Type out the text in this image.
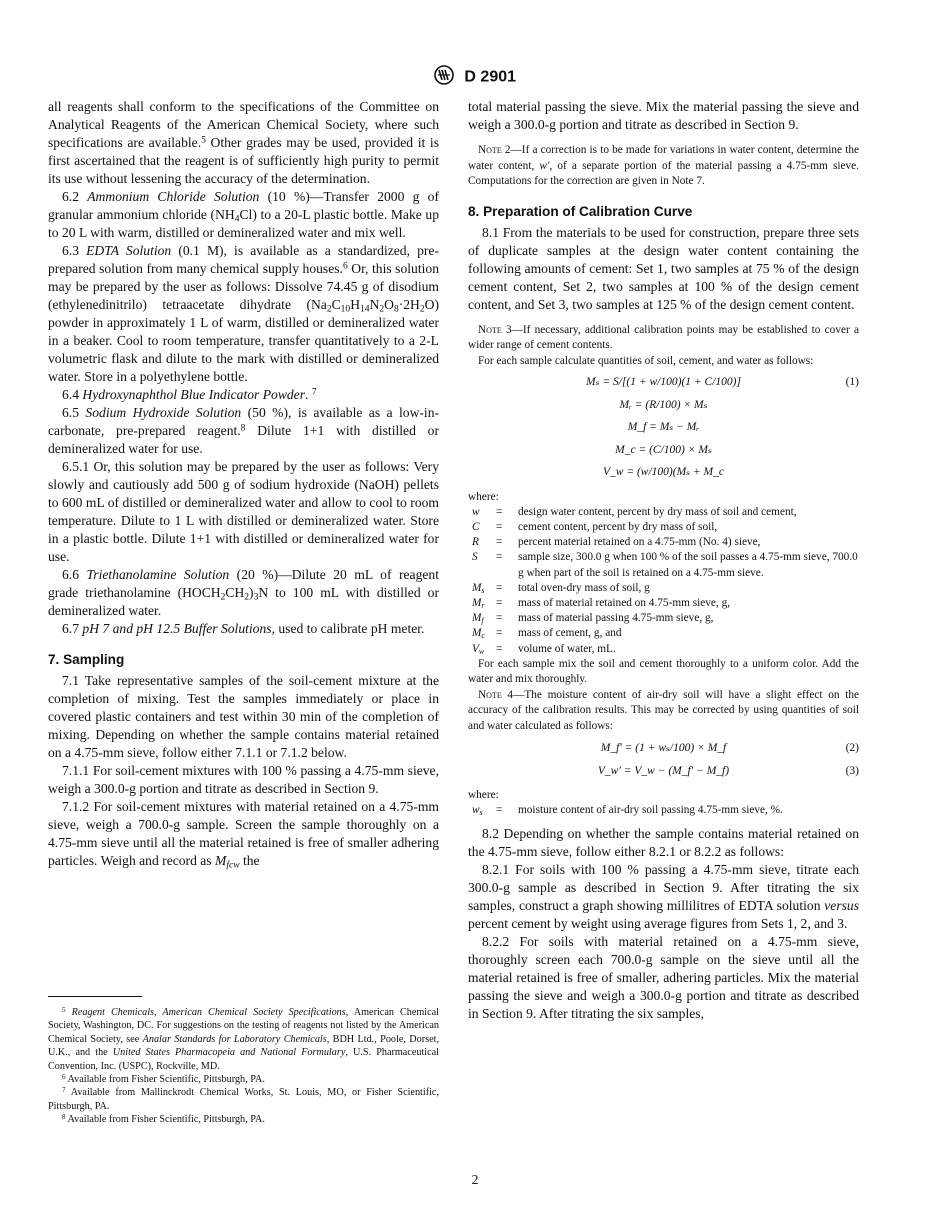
D 2901

all reagents shall conform to the specifications of the Committee on Analytical Reagents of the American Chemical Society, where such specifications are available.$^5$ Other grades may be used, provided it is first ascertained that the reagent is of sufficiently high purity to permit its use without lessening the accuracy of the determination.

6.2 Ammonium Chloride Solution (10 %)—Transfer 2000 g of granular ammonium chloride $(NH_4Cl)$ to a 20-L plastic bottle. Make up to 20 L with warm, distilled or demineralized water and mix well.

6.3 EDTA Solution (0.1 M), is available as a standardized, pre-prepared solution from many chemical supply houses.$^6$ Or, this solution may be prepared by the user as follows: Dissolve 74.45 g of disodium (ethylenedinitrilo) tetraacetate dihydrate $(Na_2C_{10}H_{14}N_2O_8\cdot 2H_2O)$ powder in approximately 1 L of warm, distilled or demineralized water in a beaker. Cool to room temperature, transfer quantitatively to a 2-L volumetric flask and dilute to the mark with distilled or demineralized water. Store in a polyethylene bottle.

6.4 Hydroxynaphthol Blue Indicator Powder. $^7$

6.5 Sodium Hydroxide Solution (50 %), is available as a low-in-carbonate, pre-prepared reagent.$^8$ Dilute 1+1 with distilled or demineralized water for use.

6.5.1 Or, this solution may be prepared by the user as follows: Very slowly and cautiously add 500 g of sodium hydroxide (NaOH) pellets to 600 mL of distilled or demineralized water and allow to cool to room temperature. Dilute to 1 L with distilled or demineralized water. Store in a plastic bottle. Dilute 1+1 with distilled or demineralized water for use.

6.6 Triethanolamine Solution (20 %)—Dilute 20 mL of reagent grade triethanolamine $(HOCH_2CH_2)_3N$ to 100 mL with distilled or demineralized water.

6.7 pH 7 and pH 12.5 Buffer Solutions, used to calibrate pH meter.

7. Sampling

7.1 Take representative samples of the soil-cement mixture at the completion of mixing. Test the samples immediately or place in covered plastic containers and test within 30 min of the completion of mixing. Depending on whether the sample contains material retained on a 4.75-mm sieve, follow either 7.1.1 or 7.1.2 below.

7.1.1 For soil-cement mixtures with 100 % passing a 4.75-mm sieve, weigh a 300.0-g portion and titrate as described in Section 9.

7.1.2 For soil-cement mixtures with material retained on a 4.75-mm sieve, weigh a 700.0-g sample. Screen the sample thoroughly on a 4.75-mm sieve until all the material retained is free of smaller adhering particles. Weigh and record as $M_{fcw}$ the

$^5$ Reagent Chemicals, American Chemical Society Specifications, American Chemical Society, Washington, DC. For suggestions on the testing of reagents not listed by the American Chemical Society, see Analar Standards for Laboratory Chemicals, BDH Ltd., Poole, Dorset, U.K., and the United States Pharmacopeia and National Formulary, U.S. Pharmaceutical Convention, Inc. (USPC), Rockville, MD.

$^6$ Available from Fisher Scientific, Pittsburgh, PA.

$^7$ Available from Mallinckrodt Chemical Works, St. Louis, MO, or Fisher Scientific, Pittsburgh, PA.

$^8$ Available from Fisher Scientific, Pittsburgh, PA.

total material passing the sieve. Mix the material passing the sieve and weigh a 300.0-g portion and titrate as described in Section 9.

Note 2—If a correction is to be made for variations in water content, determine the water content, w′, of a separate portion of the material passing a 4.75-mm sieve. Computations for the correction are given in Note 7.

8. Preparation of Calibration Curve

8.1 From the materials to be used for construction, prepare three sets of duplicate samples at the design water content containing the following amounts of cement: Set 1, two samples at 75 % of the design cement content, Set 2, two samples at 100 % of the design cement content, and Set 3, two samples at 125 % of the design cement content.

Note 3—If necessary, additional calibration points may be established to cover a wider range of cement contents.

For each sample calculate quantities of soil, cement, and water as follows:

Mₛ = S/[(1 + w/100)(1 + C/100)]	(1)
Mᵣ = (R/100) × Mₛ
M_f = Mₛ − Mᵣ
M_c = (C/100) × Mₛ
V_w = (w/100)(Mₛ + M_c

where:

w	=	design water content, percent by dry mass of soil and cement,
C	=	cement content, percent by dry mass of soil,
R	=	percent material retained on a 4.75-mm (No. 4) sieve,
S	=	sample size, 300.0 g when 100 % of the soil passes a 4.75-mm sieve, 700.0 g when part of the soil is retained on a 4.75-mm sieve.
$M_s$	=	total oven-dry mass of soil, g
$M_r$	=	mass of material retained on 4.75-mm sieve, g,
$M_f$	=	mass of material passing 4.75-mm sieve, g,
$M_c$	=	mass of cement, g, and
$V_w$	=	volume of water, mL.

For each sample mix the soil and cement thoroughly to a uniform color. Add the water and mix thoroughly.

Note 4—The moisture content of air-dry soil will have a slight effect on the accuracy of the calibration results. This may be corrected by using quantities of soil and water calculated as follows:

M_f′ = (1 + wₛ/100) × M_f	(2)
V_w′ = V_w − (M_f′ − M_f)	(3)

where:

$w_s$	=	moisture content of air-dry soil passing 4.75-mm sieve, %.

8.2 Depending on whether the sample contains material retained on the 4.75-mm sieve, follow either 8.2.1 or 8.2.2 as follows:

8.2.1 For soils with 100 % passing a 4.75-mm sieve, titrate each 300.0-g sample as described in Section 9. After titrating the six samples, construct a graph showing millilitres of EDTA solution versus percent cement by weight using average figures from Sets 1, 2, and 3.

8.2.2 For soils with material retained on a 4.75-mm sieve, thoroughly screen each 700.0-g sample on the sieve until all the material retained is free of smaller, adhering particles. Mix the material passing the sieve and weigh a 300.0-g portion and titrate as described in Section 9. After titrating the six samples,

2
